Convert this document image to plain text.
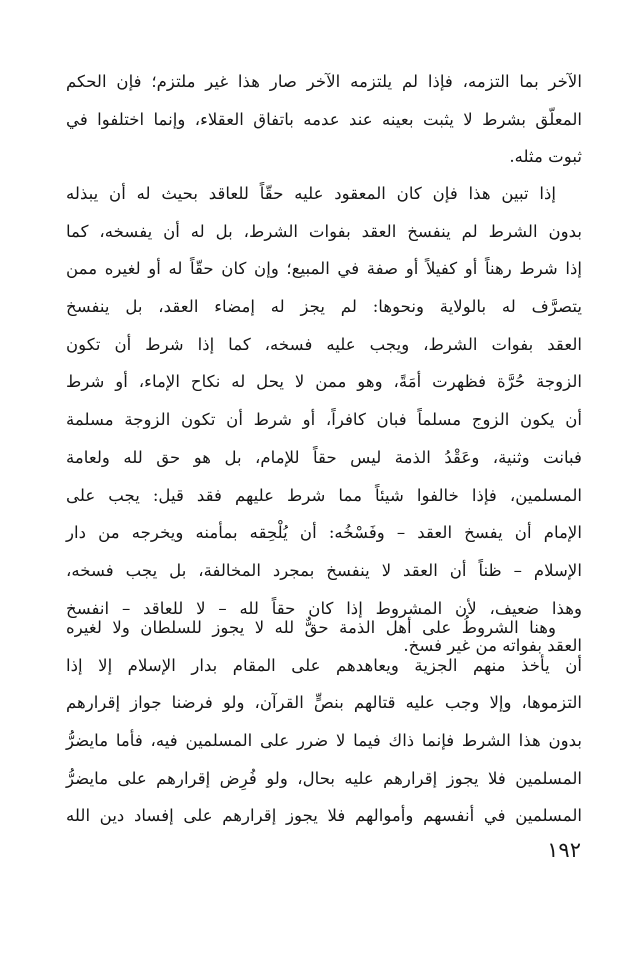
الآخر بما التزمه، فإذا لم يلتزمه الآخر صار هذا غير ملتزم؛ فإن الحكم
المعلّق بشرط لا يثبت بعينه عند عدمه باتفاق العقلاء، وإنما اختلفوا في
ثبوت مثله.
إذا تبين هذا فإن كان المعقود عليه حقّاً للعاقد بحيث له أن يبذله
بدون الشرط لم ينفسخ العقد بفوات الشرط، بل له أن يفسخه، كما
إذا شرط رهناً أو كفيلاً أو صفة في المبيع؛ وإن كان حقّاً له أو لغيره ممن
يتصرَّف له بالولاية ونحوها: لم يجز له إمضاء العقد، بل ينفسخ
العقد بفوات الشرط، ويجب عليه فسخه، كما إذا شرط أن تكون
الزوجة حُرَّة فظهرت أمَةً، وهو ممن لا يحل له نكاح الإماء، أو شرط
أن يكون الزوج مسلماً فبان كافراً، أو شرط أن تكون الزوجة مسلمة
فبانت وثنية، وعَقْدُ الذمة ليس حقاً للإمام، بل هو حق لله ولعامة
المسلمين، فإذا خالفوا شيئاً مما شرط عليهم فقد قيل: يجب على
الإمام أن يفسخ العقد – وفَسْخُه: أن يُلْحِقه بمأمنه ويخرجه من دار
الإسلام – ظناً أن العقد لا ينفسخ بمجرد المخالفة، بل يجب فسخه،
وهذا ضعيف، لأن المشروط إذا كان حقاً لله – لا للعاقد – انفسخ
العقد بفواته من غير فسخ.
وهنا الشروطُ على أهل الذمة حقٌّ لله لا يجوز للسلطان ولا لغيره
أن يأخذ منهم الجزية ويعاهدهم على المقام بدار الإسلام إلا إذا
التزموها، وإلا وجب عليه قتالهم بنصٍّ القرآن، ولو فرضنا جواز إقرارهم
بدون هذا الشرط فإنما ذاك فيما لا ضرر على المسلمين فيه، فأما مايضرُّ
المسلمين فلا يجوز إقرارهم عليه بحال، ولو فُرِض إقرارهم على مايضرُّ
المسلمين في أنفسهم وأموالهم فلا يجوز إقرارهم على إفساد دين الله
١٩٢
